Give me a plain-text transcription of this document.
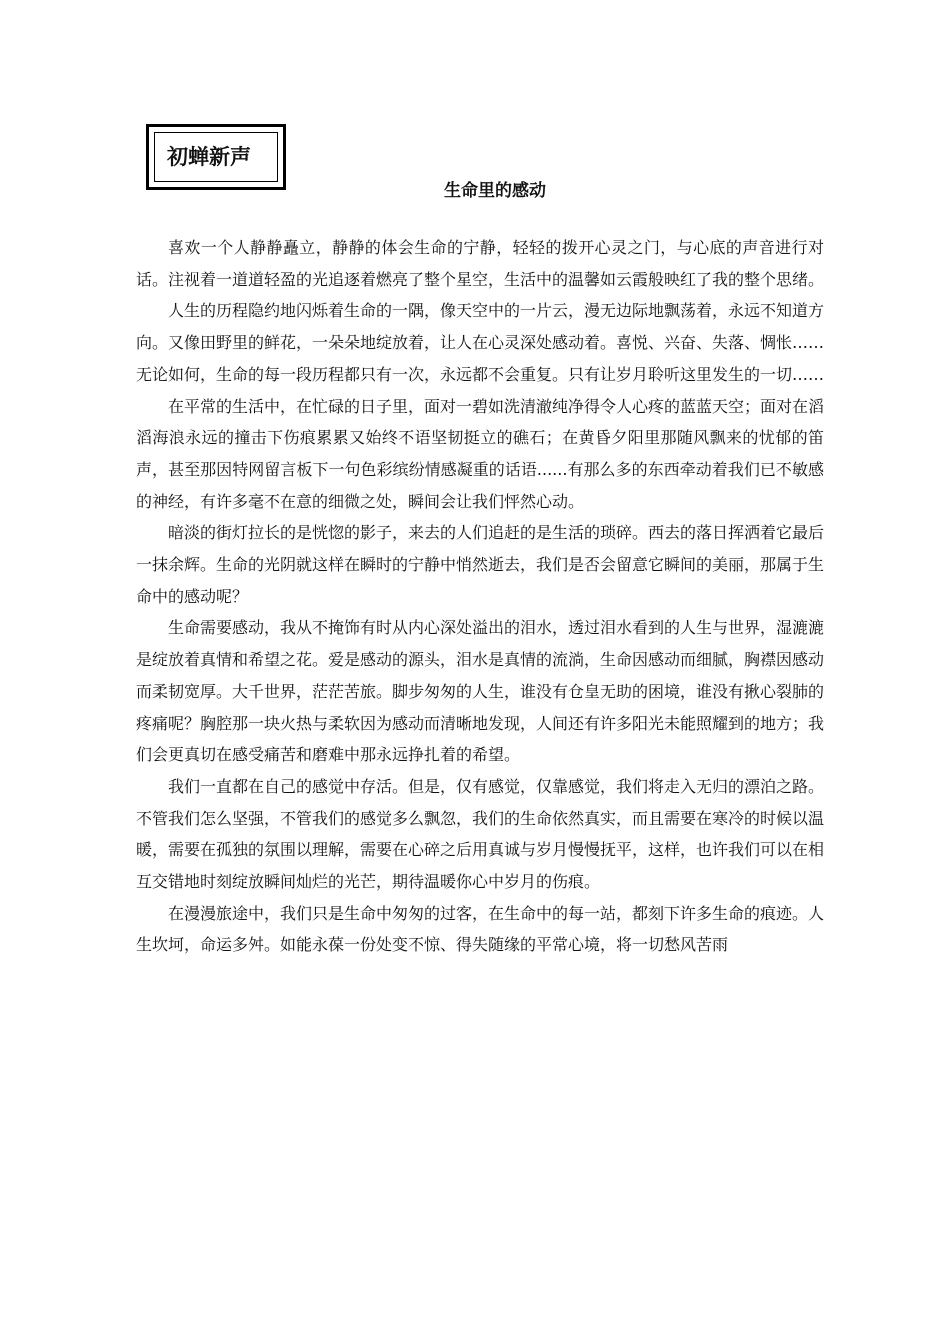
初蝉新声
生命里的感动

喜欢一个人静静矗立，静静的体会生命的宁静，轻轻的拨开心灵之门，与心底的声音进行对话。注视着一道道轻盈的光追逐着燃亮了整个星空，生活中的温馨如云霞般映红了我的整个思绪。

人生的历程隐约地闪烁着生命的一隅，像天空中的一片云，漫无边际地飘荡着，永远不知道方向。又像田野里的鲜花，一朵朵地绽放着，让人在心灵深处感动着。喜悦、兴奋、失落、惆怅……无论如何，生命的每一段历程都只有一次，永远都不会重复。只有让岁月聆听这里发生的一切……

在平常的生活中，在忙碌的日子里，面对一碧如洗清澈纯净得令人心疼的蓝蓝天空；面对在滔滔海浪永远的撞击下伤痕累累又始终不语坚韧挺立的礁石；在黄昏夕阳里那随风飘来的忧郁的笛声，甚至那因特网留言板下一句色彩缤纷情感凝重的话语......有那么多的东西牵动着我们已不敏感的神经，有许多毫不在意的细微之处，瞬间会让我们怦然心动。

暗淡的街灯拉长的是恍惚的影子，来去的人们追赶的是生活的琐碎。西去的落日挥洒着它最后一抹余辉。生命的光阴就这样在瞬时的宁静中悄然逝去，我们是否会留意它瞬间的美丽，那属于生命中的感动呢？

生命需要感动，我从不掩饰有时从内心深处溢出的泪水，透过泪水看到的人生与世界，湿漉漉是绽放着真情和希望之花。爱是感动的源头，泪水是真情的流淌，生命因感动而细腻，胸襟因感动而柔韧宽厚。大千世界，茫茫苦旅。脚步匆匆的人生，谁没有仓皇无助的困境，谁没有揪心裂肺的疼痛呢？胸腔那一块火热与柔软因为感动而清晰地发现，人间还有许多阳光未能照耀到的地方；我们会更真切在感受痛苦和磨难中那永远挣扎着的希望。

我们一直都在自己的感觉中存活。但是，仅有感觉，仅靠感觉，我们将走入无归的漂泊之路。不管我们怎么坚强，不管我们的感觉多么飘忽，我们的生命依然真实，而且需要在寒冷的时候以温暖，需要在孤独的氛围以理解，需要在心碎之后用真诚与岁月慢慢抚平，这样，也许我们可以在相互交错地时刻绽放瞬间灿烂的光芒，期待温暖你心中岁月的伤痕。

在漫漫旅途中，我们只是生命中匆匆的过客，在生命中的每一站，都刻下许多生命的痕迹。人生坎坷，命运多舛。如能永葆一份处变不惊、得失随缘的平常心境，将一切愁风苦雨
